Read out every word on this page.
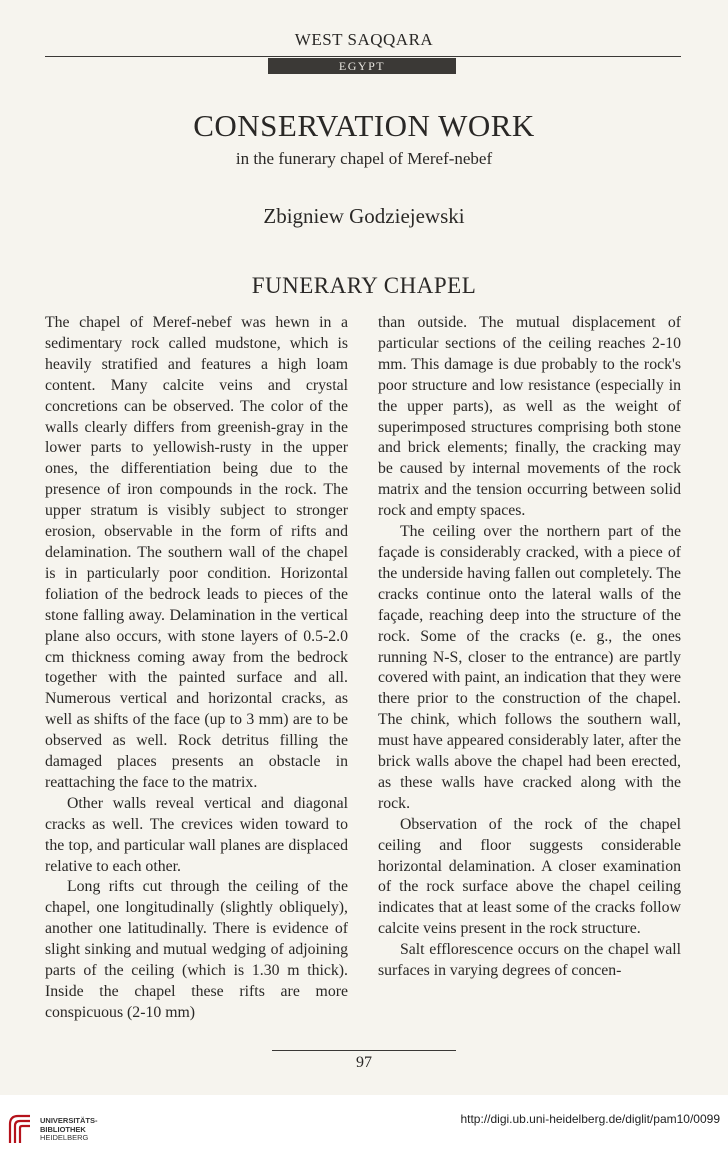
WEST SAQQARA
EGYPT
CONSERVATION WORK
in the funerary chapel of Meref-nebef
Zbigniew Godziejewski
FUNERARY CHAPEL

The chapel of Meref-nebef was hewn in a sedimentary rock called mudstone, which is heavily stratified and features a high loam content. Many calcite veins and crystal concretions can be observed. The color of the walls clearly differs from greenish-gray in the lower parts to yellowish-rusty in the upper ones, the differentiation being due to the presence of iron compounds in the rock. The upper stratum is visibly subject to stronger erosion, observable in the form of rifts and delamination. The southern wall of the chapel is in particularly poor condition. Horizontal foliation of the bedrock leads to pieces of the stone falling away. Delamination in the vertical plane also occurs, with stone layers of 0.5-2.0 cm thickness coming away from the bedrock together with the painted surface and all. Numerous vertical and horizontal cracks, as well as shifts of the face (up to 3 mm) are to be observed as well. Rock detritus filling the damaged places presents an obstacle in reattaching the face to the matrix.

Other walls reveal vertical and diagonal cracks as well. The crevices widen toward to the top, and particular wall planes are displaced relative to each other.

Long rifts cut through the ceiling of the chapel, one longitudinally (slightly obliquely), another one latitudinally. There is evidence of slight sinking and mutual wedging of adjoining parts of the ceiling (which is 1.30 m thick). Inside the chapel these rifts are more conspicuous (2-10 mm)

than outside. The mutual displacement of particular sections of the ceiling reaches 2-10 mm. This damage is due probably to the rock's poor structure and low resistance (especially in the upper parts), as well as the weight of superimposed structures comprising both stone and brick elements; finally, the cracking may be caused by internal movements of the rock matrix and the tension occurring between solid rock and empty spaces.

The ceiling over the northern part of the façade is considerably cracked, with a piece of the underside having fallen out completely. The cracks continue onto the lateral walls of the façade, reaching deep into the structure of the rock. Some of the cracks (e. g., the ones running N-S, closer to the entrance) are partly covered with paint, an indication that they were there prior to the construction of the chapel. The chink, which follows the southern wall, must have appeared considerably later, after the brick walls above the chapel had been erected, as these walls have cracked along with the rock.

Observation of the rock of the chapel ceiling and floor suggests considerable horizontal delamination. A closer examination of the rock surface above the chapel ceiling indicates that at least some of the cracks follow calcite veins present in the rock structure.

Salt efflorescence occurs on the chapel wall surfaces in varying degrees of concen-

97
UNIVERSITÄTS-
BIBLIOTHEK
HEIDELBERG
http://digi.ub.uni-heidelberg.de/diglit/pam10/0099
